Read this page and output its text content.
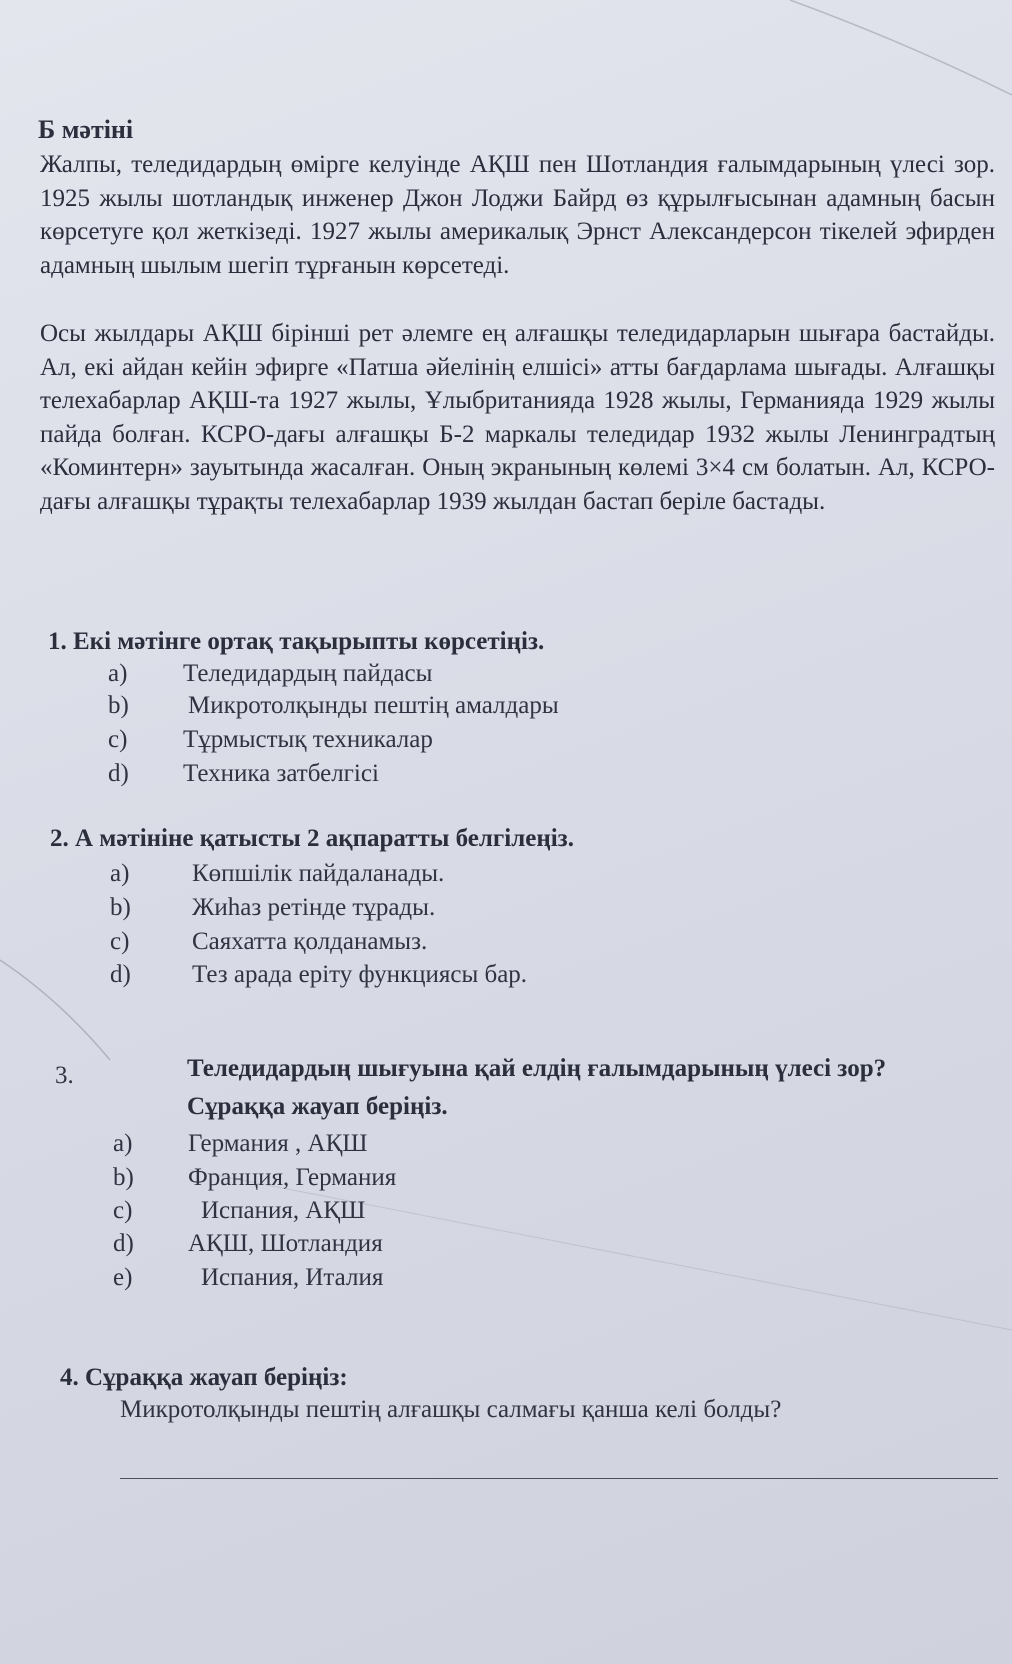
Б мәтіні

Жалпы, теледидардың өмірге келуінде АҚШ пен Шотландия ғалымдарының үлесі зор. 1925 жылы шотландық инженер Джон Лоджи Байрд өз құрылғысынан адамның басын көрсетуге қол жеткізеді. 1927 жылы америкалық Эрнст Александерсон тікелей эфирден адамның шылым шегіп тұрғанын көрсетеді.

Осы жылдары АҚШ бірінші рет әлемге ең алғашқы теледидарларын шығара бастайды. Ал, екі айдан кейін эфирге «Патша әйелінің елшісі» атты бағдарлама шығады. Алғашқы телехабарлар АҚШ-та 1927 жылы, Ұлыбританияда 1928 жылы, Германияда 1929 жылы пайда болған. КСРО-дағы алғашқы Б-2 маркалы теледидар 1932 жылы Ленинградтың «Коминтерн» зауытында жасалған. Оның экранының көлемі 3×4 см болатын. Ал, КСРО-дағы алғашқы тұрақты телехабарлар 1939 жылдан бастап беріле бастады.

1. Екі мәтінге ортақ тақырыпты көрсетіңіз.
a) Теледидардың пайдасы
b) Микротолқынды пештің амалдары
c) Тұрмыстық техникалар
d) Техника затбелгісі
2. А мәтініне қатысты 2 ақпаратты белгілеңіз.
a)	Көпшілік пайдаланады.
b) Жиһаз ретінде тұрады.
c)	Саяхатта қолданамыз.
d) Тез арада еріту функциясы бар.
3.	Теледидардың шығуына қай елдің ғалымдарының үлесі зор?
Сұраққа жауап беріңіз.
a) Германия , АҚШ
b) Франция, Германия
c)	Испания, АҚШ
d) АҚШ, Шотландия
e)	Испания, Италия
4. Сұраққа жауап беріңіз:
Микротолқынды пештің алғашқы салмағы қанша келі болды?
